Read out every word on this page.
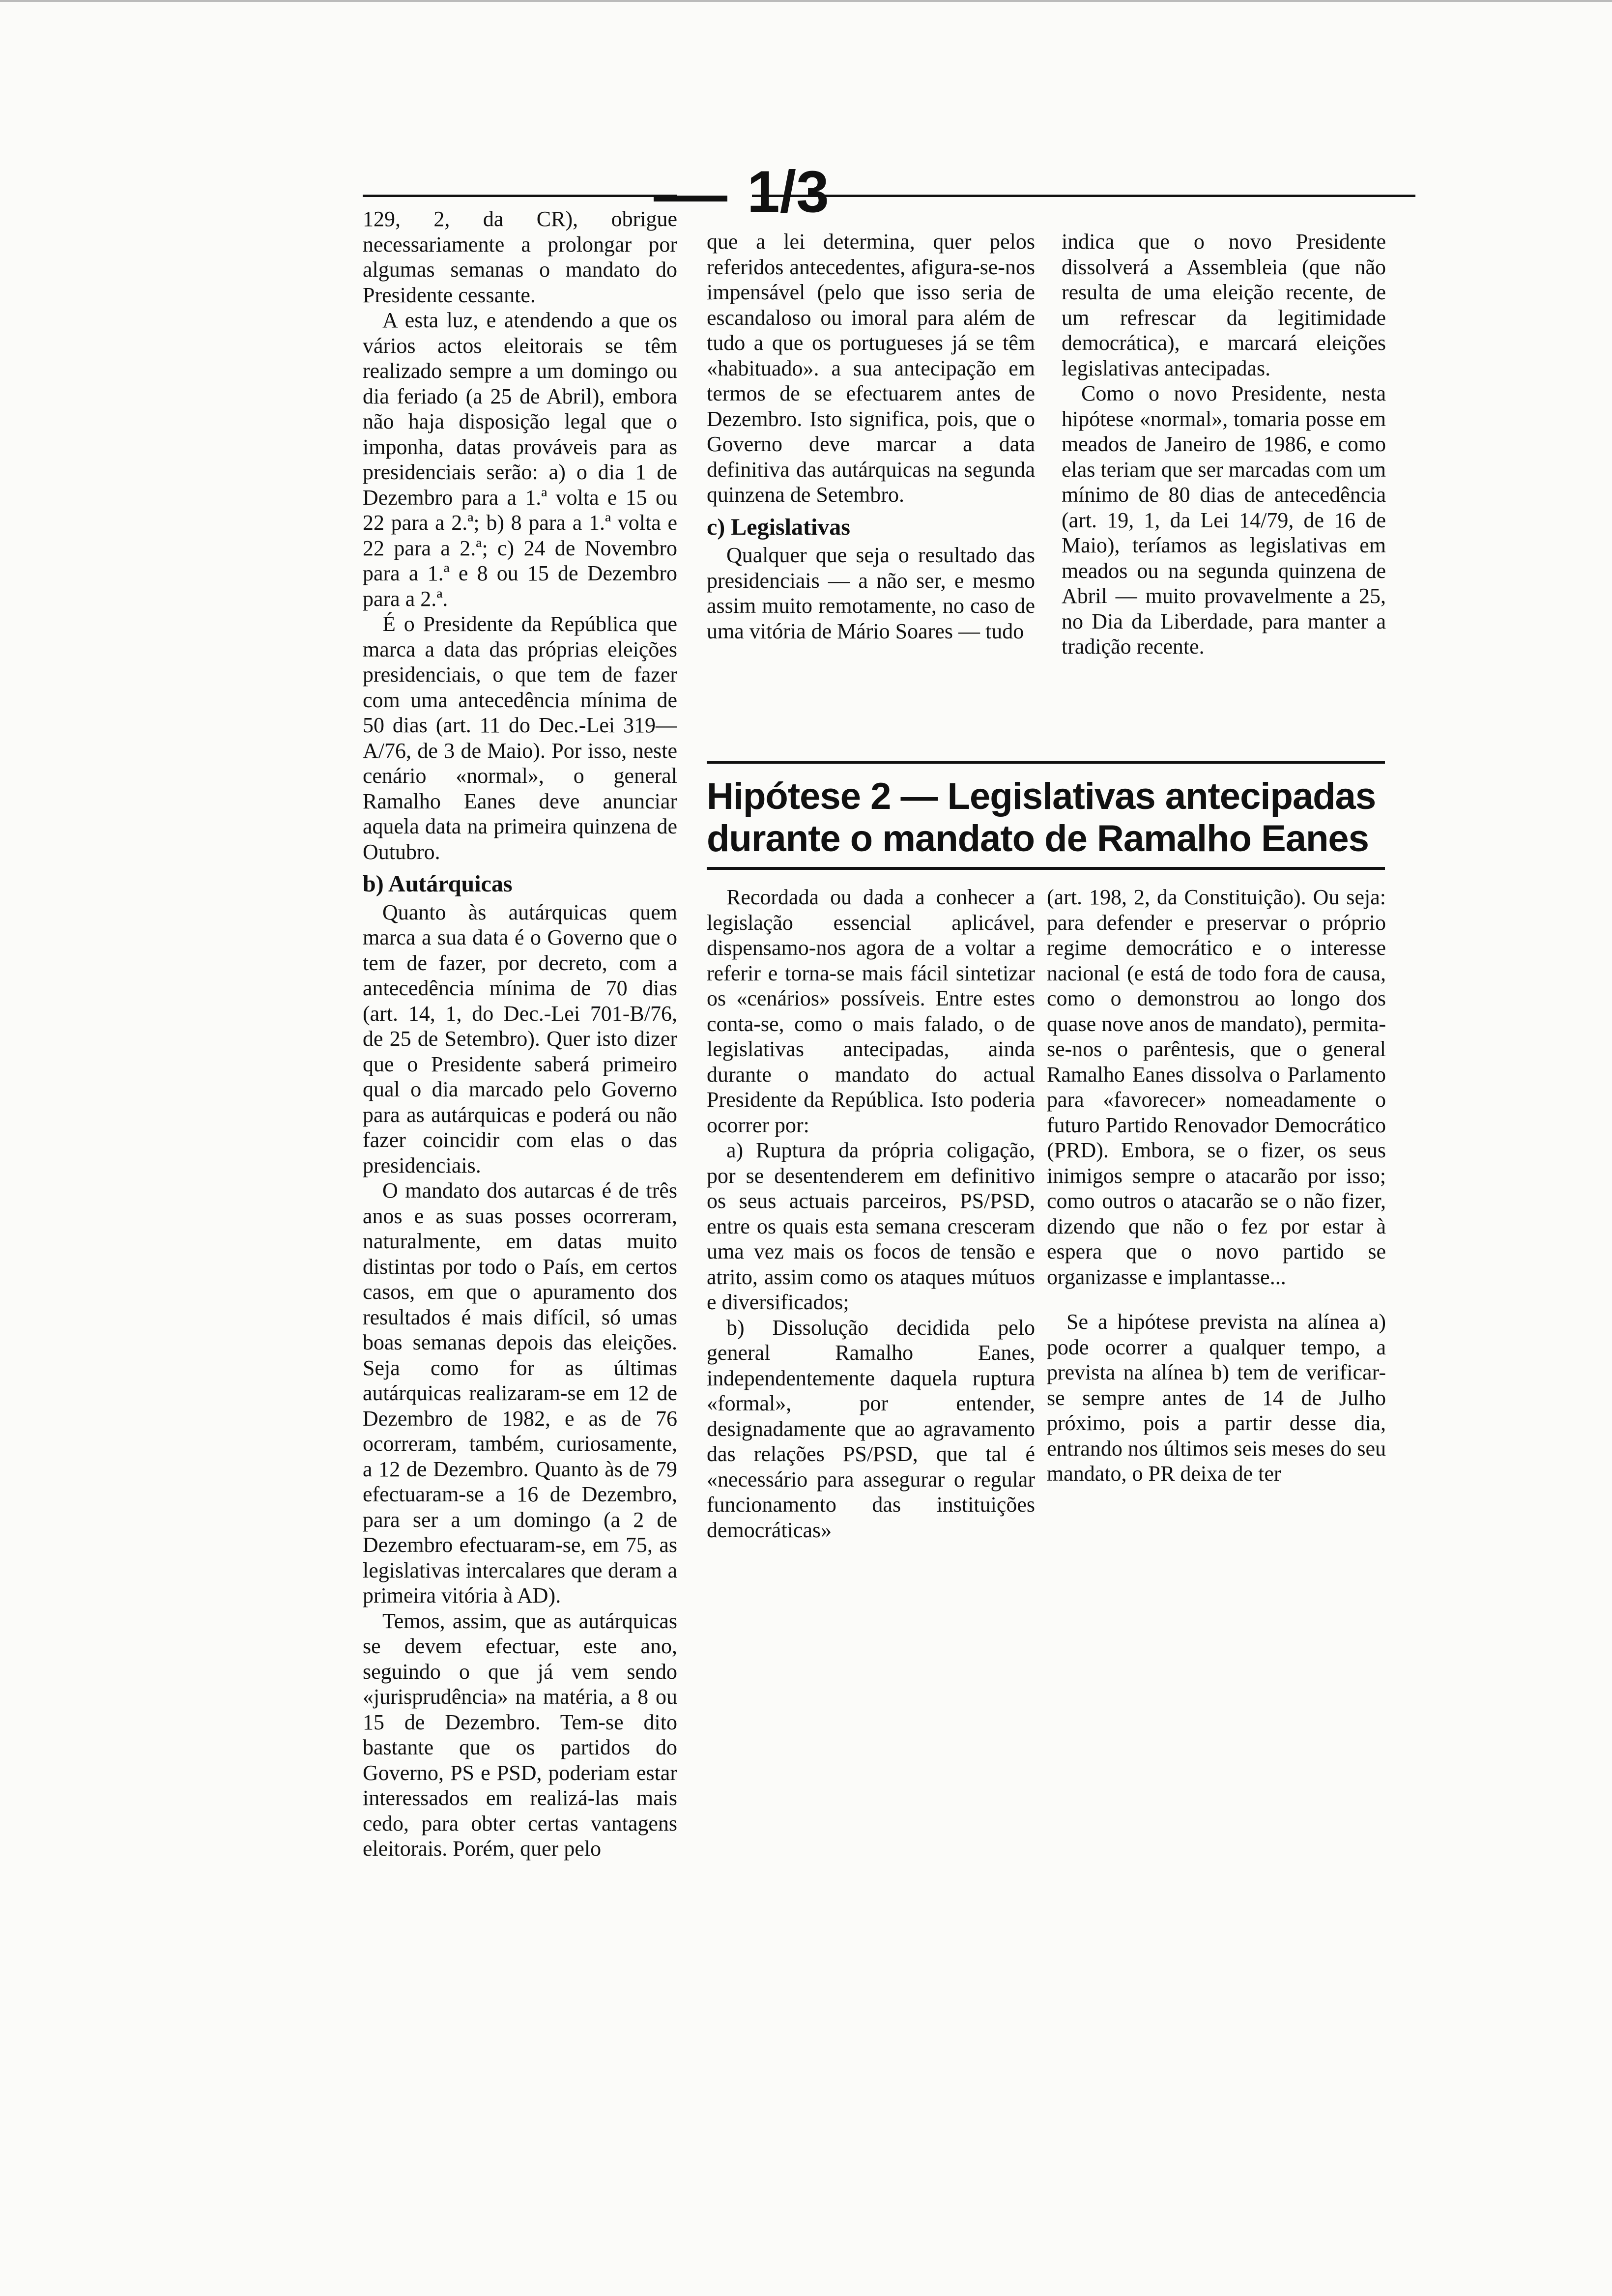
1/3

129, 2, da CR), obrigue necessariamente a prolongar por algumas semanas o mandato do Presidente cessante.

A esta luz, e atendendo a que os vários actos eleitorais se têm realizado sempre a um domingo ou dia feriado (a 25 de Abril), embora não haja disposição legal que o imponha, datas prováveis para as presidenciais serão: a) o dia 1 de Dezembro para a 1.ª volta e 15 ou 22 para a 2.ª; b) 8 para a 1.ª volta e 22 para a 2.ª; c) 24 de Novembro para a 1.ª e 8 ou 15 de Dezembro para a 2.ª.

É o Presidente da República que marca a data das próprias eleições presidenciais, o que tem de fazer com uma antecedência mínima de 50 dias (art. 11 do Dec.-Lei 319—A/76, de 3 de Maio). Por isso, neste cenário «normal», o general Ramalho Eanes deve anunciar aquela data na primeira quinzena de Outubro.

b) Autárquicas

Quanto às autárquicas quem marca a sua data é o Governo que o tem de fazer, por decreto, com a antecedência mínima de 70 dias (art. 14, 1, do Dec.-Lei 701-B/76, de 25 de Setembro). Quer isto dizer que o Presidente saberá primeiro qual o dia marcado pelo Governo para as autárquicas e poderá ou não fazer coincidir com elas o das presidenciais.

O mandato dos autarcas é de três anos e as suas posses ocorreram, naturalmente, em datas muito distintas por todo o País, em certos casos, em que o apuramento dos resultados é mais difícil, só umas boas semanas depois das eleições. Seja como for as últimas autárquicas realizaram-se em 12 de Dezembro de 1982, e as de 76 ocorreram, também, curiosamente, a 12 de Dezembro. Quanto às de 79 efectuaram-se a 16 de Dezembro, para ser a um domingo (a 2 de Dezembro efectuaram-se, em 75, as legislativas intercalares que deram a primeira vitória à AD).

Temos, assim, que as autárquicas se devem efectuar, este ano, seguindo o que já vem sendo «jurisprudência» na matéria, a 8 ou 15 de Dezembro. Tem-se dito bastante que os partidos do Governo, PS e PSD, poderiam estar interessados em realizá-las mais cedo, para obter certas vantagens eleitorais. Porém, quer pelo

que a lei determina, quer pelos referidos antecedentes, afigura-se-nos impensável (pelo que isso seria de escandaloso ou imoral para além de tudo a que os portugueses já se têm «habituado». a sua antecipação em termos de se efectuarem antes de Dezembro. Isto significa, pois, que o Governo deve marcar a data definitiva das autárquicas na segunda quinzena de Setembro.

c) Legislativas

Qualquer que seja o resultado das presidenciais — a não ser, e mesmo assim muito remotamente, no caso de uma vitória de Mário Soares — tudo

indica que o novo Presidente dissolverá a Assembleia (que não resulta de uma eleição recente, de um refrescar da legitimidade democrática), e marcará eleições legislativas antecipadas.

Como o novo Presidente, nesta hipótese «normal», tomaria posse em meados de Janeiro de 1986, e como elas teriam que ser marcadas com um mínimo de 80 dias de antecedência (art. 19, 1, da Lei 14/79, de 16 de Maio), teríamos as legislativas em meados ou na segunda quinzena de Abril — muito provavelmente a 25, no Dia da Liberdade, para manter a tradição recente.

Hipótese 2 — Legislativas antecipadas durante o mandato de Ramalho Eanes

Recordada ou dada a conhecer a legislação essencial aplicável, dispensamo-nos agora de a voltar a referir e torna-se mais fácil sintetizar os «cenários» possíveis. Entre estes conta-se, como o mais falado, o de legislativas antecipadas, ainda durante o mandato do actual Presidente da República. Isto poderia ocorrer por:

a) Ruptura da própria coligação, por se desentenderem em definitivo os seus actuais parceiros, PS/PSD, entre os quais esta semana cresceram uma vez mais os focos de tensão e atrito, assim como os ataques mútuos e diversificados;

b) Dissolução decidida pelo general Ramalho Eanes, independentemente daquela ruptura «formal», por entender, designadamente que ao agravamento das relações PS/PSD, que tal é «necessário para assegurar o regular funcionamento das instituições democráticas»

(art. 198, 2, da Constituição). Ou seja: para defender e preservar o próprio regime democrático e o interesse nacional (e está de todo fora de causa, como o demonstrou ao longo dos quase nove anos de mandato), permita-se-nos o parêntesis, que o general Ramalho Eanes dissolva o Parlamento para «favorecer» nomeadamente o futuro Partido Renovador Democrático (PRD). Embora, se o fizer, os seus inimigos sempre o atacarão por isso; como outros o atacarão se o não fizer, dizendo que não o fez por estar à espera que o novo partido se organizasse e implantasse...

Se a hipótese prevista na alínea a) pode ocorrer a qualquer tempo, a prevista na alínea b) tem de verificar-se sempre antes de 14 de Julho próximo, pois a partir desse dia, entrando nos últimos seis meses do seu mandato, o PR deixa de ter
